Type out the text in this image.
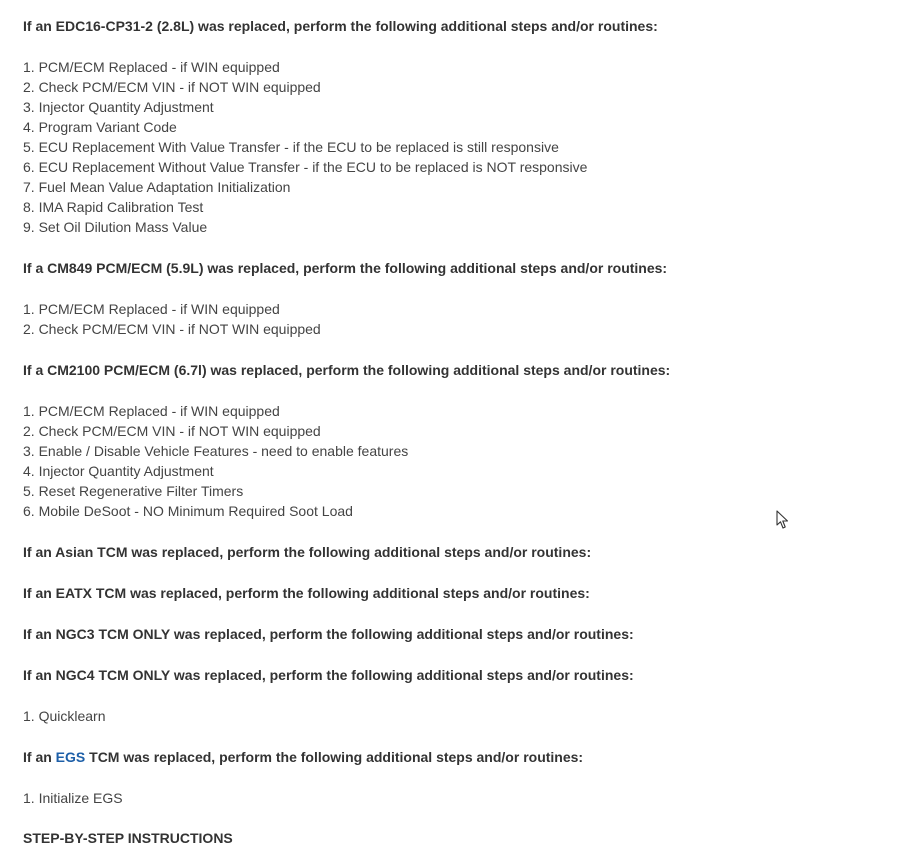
If an EDC16-CP31-2 (2.8L) was replaced, perform the following additional steps and/or routines:

1. PCM/ECM Replaced - if WIN equipped
2. Check PCM/ECM VIN - if NOT WIN equipped
3. Injector Quantity Adjustment
4. Program Variant Code
5. ECU Replacement With Value Transfer - if the ECU to be replaced is still responsive
6. ECU Replacement Without Value Transfer - if the ECU to be replaced is NOT responsive
7. Fuel Mean Value Adaptation Initialization
8. IMA Rapid Calibration Test
9. Set Oil Dilution Mass Value

If a CM849 PCM/ECM (5.9L) was replaced, perform the following additional steps and/or routines:

1. PCM/ECM Replaced - if WIN equipped
2. Check PCM/ECM VIN - if NOT WIN equipped

If a CM2100 PCM/ECM (6.7l) was replaced, perform the following additional steps and/or routines:

1. PCM/ECM Replaced - if WIN equipped
2. Check PCM/ECM VIN - if NOT WIN equipped
3. Enable / Disable Vehicle Features - need to enable features
4. Injector Quantity Adjustment
5. Reset Regenerative Filter Timers
6. Mobile DeSoot - NO Minimum Required Soot Load

If an Asian TCM was replaced, perform the following additional steps and/or routines:

If an EATX TCM was replaced, perform the following additional steps and/or routines:

If an NGC3 TCM ONLY was replaced, perform the following additional steps and/or routines:

If an NGC4 TCM ONLY was replaced, perform the following additional steps and/or routines:

1. Quicklearn

If an EGS TCM was replaced, perform the following additional steps and/or routines:

1. Initialize EGS

STEP-BY-STEP INSTRUCTIONS
